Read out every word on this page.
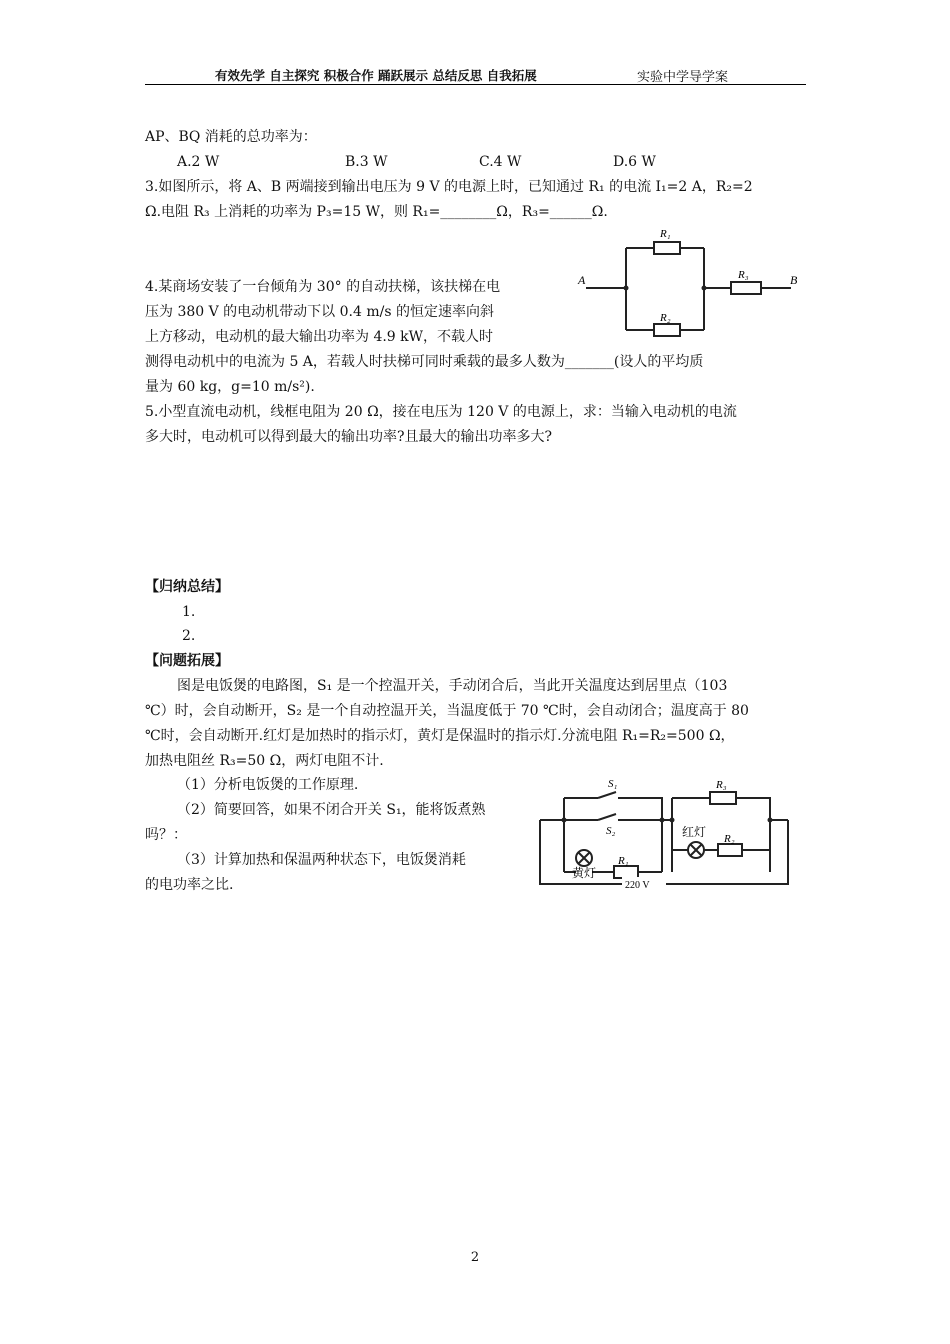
有效先学 自主探究 积极合作 踊跃展示 总结反思 自我拓展	实验中学导学案
AP、BQ 消耗的总功率为：
A.2 W	B.3 W	C.4 W	D.6 W
3.如图所示，将 A、B 两端接到输出电压为 9 V 的电源上时，已知通过 R₁ 的电流 I₁=2 A，R₂=2
Ω.电阻 R₃ 上消耗的功率为 P₃=15 W，则 R₁=________Ω，R₃=______Ω.
A	B
R₁
R₂
R₃
4.某商场安装了一台倾角为 30° 的自动扶梯，该扶梯在电
压为 380 V 的电动机带动下以 0.4 m/s 的恒定速率向斜
上方移动，电动机的最大输出功率为 4.9 kW，不载人时
测得电动机中的电流为 5 A，若载人时扶梯可同时乘载的最多人数为_______(设人的平均质
量为 60 kg，g=10 m/s²).
5.小型直流电动机，线框电阻为 20 Ω，接在电压为 120 V 的电源上，求：当输入电动机的电流
多大时，电动机可以得到最大的输出功率?且最大的输出功率多大?
【归纳总结】
1.
2.
【问题拓展】
图是电饭煲的电路图，S₁ 是一个控温开关，手动闭合后，当此开关温度达到居里点（103
℃）时，会自动断开，S₂ 是一个自动控温开关，当温度低于 70 ℃时，会自动闭合；温度高于 80
℃时，会自动断开.红灯是加热时的指示灯，黄灯是保温时的指示灯.分流电阻 R₁=R₂=500 Ω，
加热电阻丝 R₃=50 Ω，两灯电阻不计.
（1）分析电饭煲的工作原理.
（2）简要回答，如果不闭合开关 S₁，能将饭煮熟
吗？：
（3）计算加热和保温两种状态下，电饭煲消耗
的电功率之比.
S₁
S₂
R₁
R₃
R₂
黄灯
红灯
220 V
2
